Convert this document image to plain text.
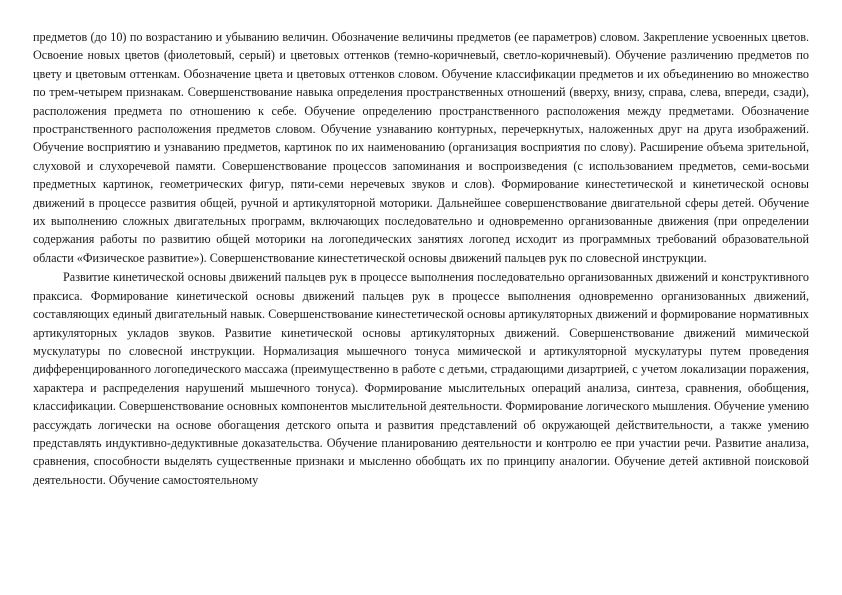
предметов (до 10) по возрастанию и убыванию величин. Обозначение величины предметов (ее параметров) словом. Закрепление усвоенных цветов. Освоение новых цветов (фиолетовый, серый) и цветовых оттенков (темно-коричневый, светло-коричневый). Обучение различению предметов по цвету и цветовым оттенкам. Обозначение цвета и цветовых оттенков словом. Обучение классификации предметов и их объединению во множество по трем-четырем признакам. Совершенствование навыка определения пространственных отношений (вверху, внизу, справа, слева, впереди, сзади), расположения предмета по отношению к себе. Обучение определению пространственного расположения между предметами. Обозначение пространственного расположения предметов словом. Обучение узнаванию контурных, перечеркнутых, наложенных друг на друга изображений. Обучение восприятию и узнаванию предметов, картинок по их наименованию (организация восприятия по слову). Расширение объема зрительной, слуховой и слухоречевой памяти. Совершенствование процессов запоминания и воспроизведения (с использованием предметов, семи-восьми предметных картинок, геометрических фигур, пяти-семи неречевых звуков и слов). Формирование кинестетической и кинетической основы движений в процессе развития общей, ручной и артикуляторной моторики. Дальнейшее совершенствование двигательной сферы детей. Обучение их выполнению сложных двигательных программ, включающих последовательно и одновременно организованные движения (при определении содержания работы по развитию общей моторики на логопедических занятиях логопед исходит из программных требований образовательной области «Физическое развитие»). Совершенствование кинестетической основы движений пальцев рук по словесной инструкции.

Развитие кинетической основы движений пальцев рук в процессе выполнения последовательно организованных движений и конструктивного праксиса. Формирование кинетической основы движений пальцев рук в процессе выполнения одновременно организованных движений, составляющих единый двигательный навык. Совершенствование кинестетической основы артикуляторных движений и формирование нормативных артикуляторных укладов звуков. Развитие кинетической основы артикуляторных движений. Совершенствование движений мимической мускулатуры по словесной инструкции. Нормализация мышечного тонуса мимической и артикуляторной мускулатуры путем проведения дифференцированного логопедического массажа (преимущественно в работе с детьми, страдающими дизартрией, с учетом локализации поражения, характера и распределения нарушений мышечного тонуса). Формирование мыслительных операций анализа, синтеза, сравнения, обобщения, классификации. Совершенствование основных компонентов мыслительной деятельности. Формирование логического мышления. Обучение умению рассуждать логически на основе обогащения детского опыта и развития представлений об окружающей действительности, а также умению представлять индуктивно-дедуктивные доказательства. Обучение планированию деятельности и контролю ее при участии речи. Развитие анализа, сравнения, способности выделять существенные признаки и мысленно обобщать их по принципу аналогии. Обучение детей активной поисковой деятельности. Обучение самостоятельному
